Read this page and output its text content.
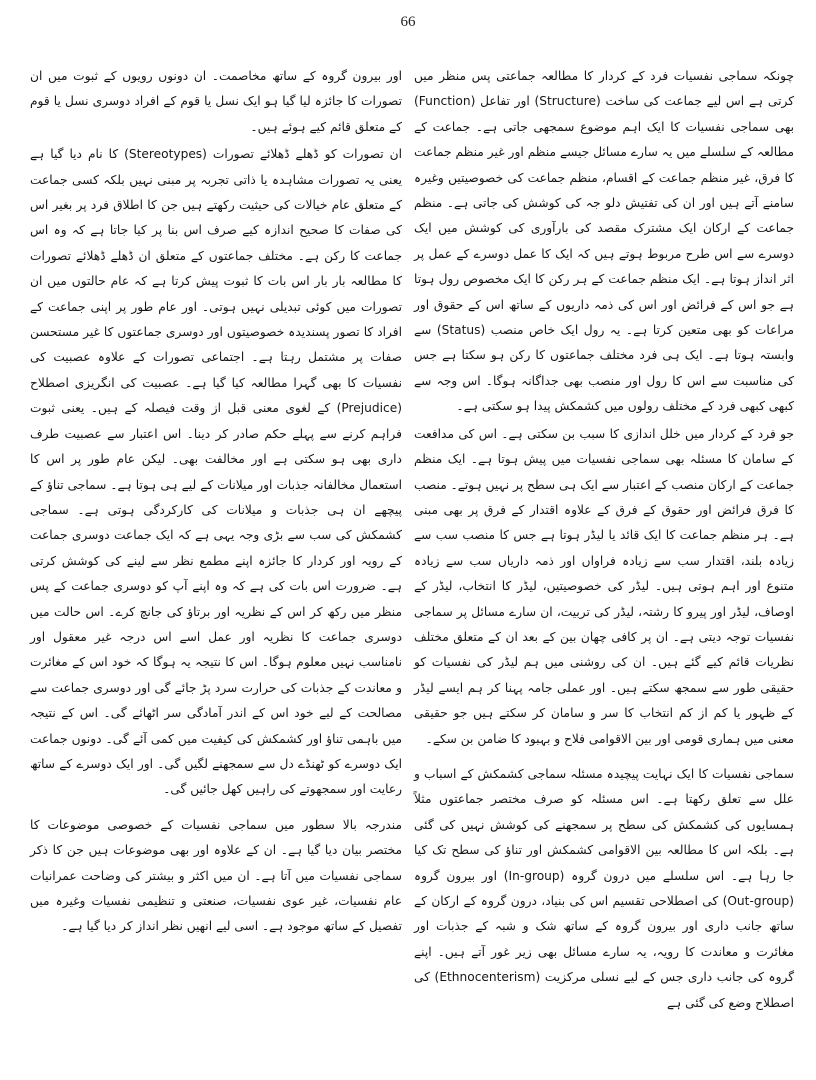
66

چونکہ سماجی نفسیات فرد کے کردار کا مطالعہ جماعتی پس منظر میں کرتی ہے اس لیے جماعت کی ساخت (Structure) اور تفاعل (Function) بھی سماجی نفسیات کا ایک اہم موضوع سمجھی جاتی ہے۔ جماعت کے مطالعہ کے سلسلے میں یہ سارے مسائل جیسے منظم اور غیر منظم جماعت کا فرق، غیر منظم جماعت کے اقسام، منظم جماعت کی خصوصیتیں وغیرہ سامنے آتے ہیں اور ان کی تفتیش دلو جہ کی کوشش کی جاتی ہے۔ منظم جماعت کے ارکان ایک مشترک مقصد کی بارآوری کی کوشش میں ایک دوسرے سے اس طرح مربوط ہوتے ہیں کہ ایک کا عمل دوسرے کے عمل پر اثر انداز ہوتا ہے۔ ایک منظم جماعت کے ہر رکن کا ایک مخصوص رول ہوتا ہے جو اس کے فرائض اور اس کی ذمہ داریوں کے ساتھ اس کے حقوق اور مراعات کو بھی متعین کرتا ہے۔ یہ رول ایک خاص منصب (Status) سے وابستہ ہوتا ہے۔ ایک ہی فرد مختلف جماعتوں کا رکن ہو سکتا ہے جس کی مناسبت سے اس کا رول اور منصب بھی جداگانہ ہوگا۔ اس وجہ سے کبھی کبھی فرد کے مختلف رولوں میں کشمکش پیدا ہو سکتی ہے۔

جو فرد کے کردار میں خلل اندازی کا سبب بن سکتی ہے۔ اس کی مدافعت کے سامان کا مسئلہ بھی سماجی نفسیات میں پیش ہوتا ہے۔ ایک منظم جماعت کے ارکان منصب کے اعتبار سے ایک ہی سطح پر نہیں ہوتے۔ منصب کا فرق فرائض اور حقوق کے فرق کے علاوہ اقتدار کے فرق پر بھی مبنی ہے۔ ہر منظم جماعت کا ایک قائد یا لیڈر ہوتا ہے جس کا منصب سب سے زیادہ بلند، اقتدار سب سے زیادہ فراواں اور ذمہ داریاں سب سے زیادہ متنوع اور اہم ہوتی ہیں۔ لیڈر کی خصوصیتیں، لیڈر کا انتخاب، لیڈر کے اوصاف، لیڈر اور پیرو کا رشتہ، لیڈر کی تربیت، ان سارے مسائل پر سماجی نفسیات توجہ دیتی ہے۔ ان پر کافی چھان بین کے بعد ان کے متعلق مختلف نظریات قائم کیے گئے ہیں۔ ان کی روشنی میں ہم لیڈر کی نفسیات کو حقیقی طور سے سمجھ سکتے ہیں۔ اور عملی جامہ پہنا کر ہم ایسے لیڈر کے ظہور یا کم از کم انتخاب کا سر و سامان کر سکتے ہیں جو حقیقی معنی میں ہماری قومی اور بین الاقوامی فلاح و بہبود کا ضامن بن سکے۔

سماجی نفسیات کا ایک نہایت پیچیدہ مسئلہ سماجی کشمکش کے اسباب و علل سے تعلق رکھتا ہے۔ اس مسئلہ کو صرف مختصر جماعتوں مثلاً ہمسایوں کی کشمکش کی سطح پر سمجھنے کی کوشش نہیں کی گئی ہے۔ بلکہ اس کا مطالعہ بین الاقوامی کشمکش اور تناؤ کی سطح تک کیا جا رہا ہے۔ اس سلسلے میں درون گروہ (In-group) اور بیرون گروہ (Out-group) کی اصطلاحی تقسیم اس کی بنیاد، درون گروہ کے ارکان کے ساتھ جانب داری اور بیرون گروہ کے ساتھ شک و شبہ کے جذبات اور مغائرت و معاندت کا رویہ، یہ سارے مسائل بھی زیر غور آتے ہیں۔ اپنے گروہ کی جانب داری جس کے لیے نسلی مرکزیت (Ethnocenterism) کی اصطلاح وضع کی گئی ہے

اور بیرون گروہ کے ساتھ مخاصمت۔ ان دونوں رویوں کے ثبوت میں ان تصورات کا جائزہ لیا گیا ہو ایک نسل یا قوم کے افراد دوسری نسل یا قوم کے متعلق قائم کیے ہوئے ہیں۔

ان تصورات کو ڈھلے ڈھلائے تصورات (Stereotypes) کا نام دیا گیا ہے یعنی یہ تصورات مشاہدہ یا ذاتی تجربہ پر مبنی نہیں بلکہ کسی جماعت کے متعلق عام خیالات کی حیثیت رکھتے ہیں جن کا اطلاق فرد پر بغیر اس کی صفات کا صحیح اندازہ کیے صرف اس بنا پر کیا جاتا ہے کہ وہ اس جماعت کا رکن ہے۔ مختلف جماعتوں کے متعلق ان ڈھلے ڈھلائے تصورات کا مطالعہ بار بار اس بات کا ثبوت پیش کرتا ہے کہ عام حالتوں میں ان تصورات میں کوئی تبدیلی نہیں ہوتی۔ اور عام طور پر اپنی جماعت کے افراد کا تصور پسندیدہ خصوصیتوں اور دوسری جماعتوں کا غیر مستحسن صفات پر مشتمل رہتا ہے۔ اجتماعی تصورات کے علاوہ عصبیت کی نفسیات کا بھی گہرا مطالعہ کیا گیا ہے۔ عصبیت کی انگریزی اصطلاح (Prejudice) کے لغوی معنی قبل از وقت فیصلہ کے ہیں۔ یعنی ثبوت فراہم کرنے سے پہلے حکم صادر کر دینا۔ اس اعتبار سے عصبیت طرف داری بھی ہو سکتی ہے اور مخالفت بھی۔ لیکن عام طور پر اس کا استعمال مخالفانہ جذبات اور میلانات کے لیے ہی ہوتا ہے۔ سماجی تناؤ کے پیچھے ان ہی جذبات و میلانات کی کارکردگی ہوتی ہے۔ سماجی کشمکش کی سب سے بڑی وجہ یہی ہے کہ ایک جماعت دوسری جماعت کے رویہ اور کردار کا جائزہ اپنے مطمع نظر سے لینے کی کوشش کرتی ہے۔ ضرورت اس بات کی ہے کہ وہ اپنے آپ کو دوسری جماعت کے پس منظر میں رکھ کر اس کے نظریہ اور برتاؤ کی جانچ کرے۔ اس حالت میں دوسری جماعت کا نظریہ اور عمل اسے اس درجہ غیر معقول اور نامناسب نہیں معلوم ہوگا۔ اس کا نتیجہ یہ ہوگا کہ خود اس کے مغائرت و معاندت کے جذبات کی حرارت سرد پڑ جائے گی اور دوسری جماعت سے مصالحت کے لیے خود اس کے اندر آمادگی سر اٹھائے گی۔ اس کے نتیجہ میں باہمی تناؤ اور کشمکش کی کیفیت میں کمی آئے گی۔ دونوں جماعت ایک دوسرے کو ٹھنڈے دل سے سمجھنے لگیں گی۔ اور ایک دوسرے کے ساتھ رعایت اور سمجھوتے کی راہیں کھل جائیں گی۔

مندرجہ بالا سطور میں سماجی نفسیات کے خصوصی موضوعات کا مختصر بیان دیا گیا ہے۔ ان کے علاوہ اور بھی موضوعات ہیں جن کا ذکر سماجی نفسیات میں آتا ہے۔ ان میں اکثر و بیشتر کی وضاحت عمرانیات عام نفسیات، غیر عوی نفسیات، صنعتی و تنظیمی نفسیات وغیرہ میں تفصیل کے ساتھ موجود ہے۔ اسی لیے انھیں نظر انداز کر دیا گیا ہے۔
